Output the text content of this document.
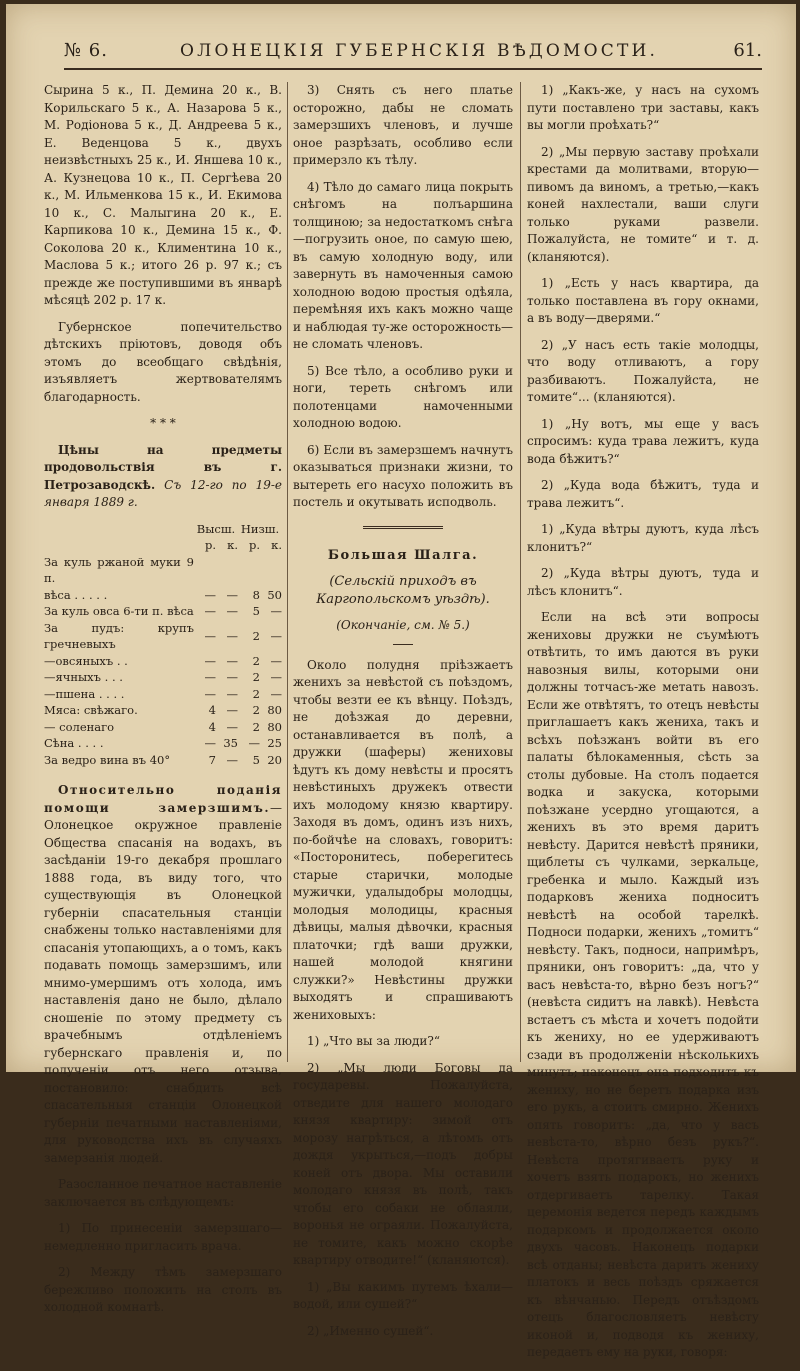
№ 6.	ОЛОНЕЦКІЯ ГУБЕРНСКІЯ ВѢДОМОСТИ.	61.

Сырина 5 к., П. Демина 20 к., В. Корильскаго 5 к., А. Назарова 5 к., М. Родіонова 5 к., Д. Андреева 5 к., Е. Веденцова 5 к., двухъ неизвѣстныхъ 25 к., И. Яншева 10 к., А. Кузнецова 10 к., П. Сергѣева 20 к., М. Ильменкова 15 к., И. Екимова 10 к., С. Малыгина 20 к., Е. Карпикова 10 к., Демина 15 к., Ф. Соколова 20 к., Климентина 10 к., Маслова 5 к.; итого 26 р. 97 к.; съ прежде же поступившими въ январѣ мѣсяцѣ 202 р. 17 к.

Губернское попечительство дѣтскихъ пріютовъ, доводя объ этомъ до всеобщаго свѣдѣнія, изъявляетъ жертвователямъ благодарность.

* * *

Цѣны на предметы продовольствія въ г. Петрозаводскѣ. Съ 12-го по 19-е января 1889 г.

	Высш.		Низш.	
	р.	к.	р.	к.
За куль ржаной муки 9 п.				
вѣса . . . . .	—	—	8	50
За куль овса 6-ти п. вѣса	—	—	5	—
За пудъ: крупъ гречневыхъ	—	—	2	—
—овсяныхъ . .	—	—	2	—
—ячныхъ . . .	—	—	2	—
—пшена . . . .	—	—	2	—
Мяса: свѣжаго.	4	—	2	80
— соленаго	4	—	2	80
Сѣна . . . .	—	35	—	25
За ведро вина въ 40°	7	—	5	20

Относительно поданія помощи замерзшимъ.—Олонецкое окружное правленіе Общества спасанія на водахъ, въ засѣданіи 19-го декабря прошлаго 1888 года, въ виду того, что существующія въ Олонецкой губерніи спасательныя станціи снабжены только наставленіями для спасанія утопающихъ, а о томъ, какъ подавать помощь замерзшимъ, или мнимо-умершимъ отъ холода, имъ наставленія дано не было, дѣлало сношеніе по этому предмету съ врачебнымъ отдѣленіемъ губернскаго правленія и, по полученіи отъ него отзыва, постановило: снабдить всѣ спасательныя станціи Олонецкой губерніи печатными наставленіями, для руководства ихъ въ случаяхъ замерзанія людей.

Разосланное печатное наставленіе заключается въ слѣдующемъ:

1) По принесеніи замерзшаго—немедленно пригласить врача.

2) Между тѣмъ замерзшаго бережливо положить на столъ въ холодной комнатѣ.

3) Снять съ него платье осторожно, дабы не сломать замерзшихъ членовъ, и лучше оное разрѣзать, особливо если примерзло къ тѣлу.

4) Тѣло до самаго лица покрыть снѣгомъ на полъаршина толщиною; за недостаткомъ снѣга—погрузить оное, по самую шею, въ самую холодную воду, или завернуть въ намоченныя самою холодною водою простыя одѣяла, перемѣняя ихъ какъ можно чаще и наблюдая ту-же осторожность—не сломать членовъ.

5) Все тѣло, а особливо руки и ноги, тереть снѣгомъ или полотенцами намоченными холодною водою.

6) Если въ замерзшемъ начнутъ оказываться признаки жизни, то вытереть его насухо положить въ постель и окутывать исподволь.

Большая Шалга.

(Сельскій приходъ въ Каргопольскомъ уѣздѣ).

(Окончаніе, см. № 5.)

Около полудня пріѣзжаетъ женихъ за невѣстой съ поѣздомъ, чтобы везти ее къ вѣнцу. Поѣздъ, не доѣзжая до деревни, останавливается въ полѣ, а дружки (шаферы) жениховы ѣдутъ къ дому невѣсты и просятъ невѣстиныхъ дружекъ отвести ихъ молодому князю квартиру. Заходя въ домъ, одинъ изъ нихъ, по-бойчѣе на словахъ, говоритъ: «Посторонитесь, поберегитесь старые старички, молодые мужички, удалыдобры молодцы, молодыя молодицы, красныя дѣвицы, малыя дѣвочки, красныя платочки; гдѣ ваши дружки, нашей молодой княгини служки?» Невѣстины дружки выходятъ и спрашиваютъ жениховыхъ:

1) „Что вы за люди?“

2) „Мы люди Боговы да государевы. Пожалуйста, отведите для нашего молодаго князя квартиру: зимой отъ морозу нагрѣться, а лѣтомъ отъ дождя укрыться,—подъ добры коней отъ двора. Мы оставили молодаго князя въ полѣ, такъ чтобы его собаки не облаяли, воронья не ограяли. Пожалуйста, не томите, какъ можно скорѣе квартиру отводите!“ (кланяются).

1) „Вы какимъ путемъ ѣхали—водой, или сушей?“

2) „Именно сушей“.

1) „Какъ-же, у насъ на сухомъ пути поставлено три заставы, какъ вы могли проѣхать?“

2) „Мы первую заставу проѣхали крестами да молитвами, вторую—пивомъ да виномъ, а третью,—какъ коней нахлестали, ваши слуги только руками развели. Пожалуйста, не томите“ и т. д. (кланяются).

1) „Есть у насъ квартира, да только поставлена въ гору окнами, а въ воду—дверями.“

2) „У насъ есть такіе молодцы, что воду отливаютъ, а гору разбиваютъ. Пожалуйста, не томите“... (кланяются).

1) „Ну вотъ, мы еще у васъ спросимъ: куда трава лежитъ, куда вода бѣжитъ?“

2) „Куда вода бѣжитъ, туда и трава лежитъ“.

1) „Куда вѣтры дуютъ, куда лѣсъ клонитъ?“

2) „Куда вѣтры дуютъ, туда и лѣсъ клонитъ“.

Если на всѣ эти вопросы жениховы дружки не съумѣютъ отвѣтить, то имъ даются въ руки навозныя вилы, которыми они должны тотчасъ-же метать навозъ. Если же отвѣтятъ, то отецъ невѣсты приглашаетъ какъ жениха, такъ и всѣхъ поѣзжанъ войти въ его палаты бѣлокаменныя, сѣсть за столы дубовые. На столъ подается водка и закуска, которыми поѣзжане усердно угощаются, а женихъ въ это время даритъ невѣсту. Дарится невѣстѣ пряники, щиблеты съ чулками, зеркальце, гребенка и мыло. Каждый изъ подарковъ жениха подноситъ невѣстѣ на особой тарелкѣ. Подноси подарки, женихъ „томитъ“ невѣсту. Такъ, подноси, напримѣръ, пряники, онъ говоритъ: „да, что у васъ невѣста-то, вѣрно безъ ногъ?“ (невѣста сидитъ на лавкѣ). Невѣста встаетъ съ мѣста и хочетъ подойти къ жениху, но ее удерживаютъ сзади въ продолженіи нѣсколькихъ минутъ; наконецъ она подходитъ къ жениху, но не беретъ подарка изъ его рукъ, а стоитъ смирно. Женихъ опять говоритъ: „да, что у васъ невѣста-то, вѣрно безъ рукъ?“. Невѣста протягиваетъ руку и хочетъ взять подарокъ, но женихъ отдергиваетъ тарелку. Такая церемонія ведется передъ каждымъ подаркомъ и продолжается около двухъ часовъ. Наконецъ подарки всѣ отданы; невѣста даритъ жениху платокъ и весь поѣздъ сряжается къ вѣнчанью. Передъ отъѣздомъ отецъ благословляетъ невѣсту иконой и, подводя къ жениху, передаетъ ему на руки, говоря:
